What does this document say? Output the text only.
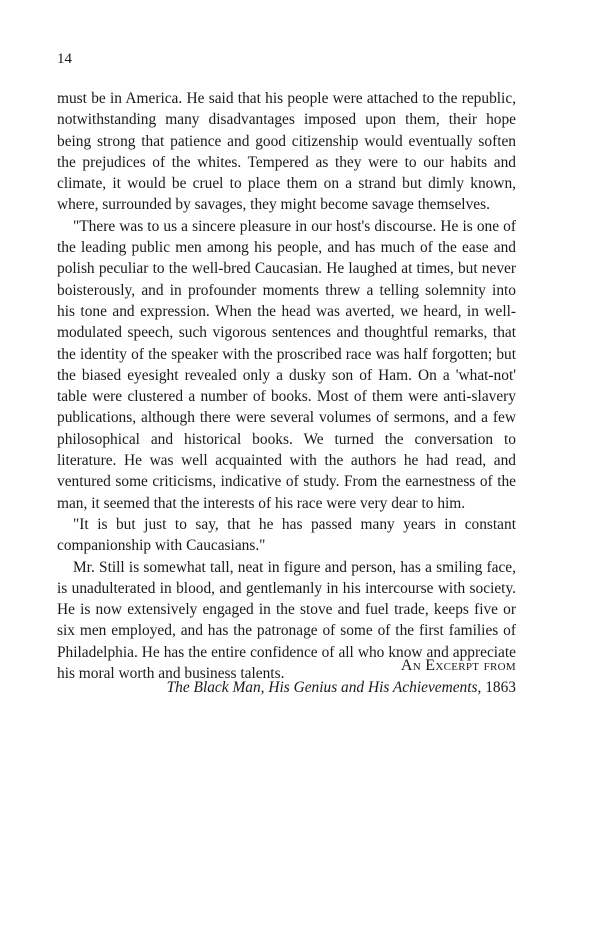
14

must be in America. He said that his people were attached to the republic, notwithstanding many disadvantages imposed upon them, their hope being strong that patience and good citizenship would eventually soften the prejudices of the whites. Tempered as they were to our habits and climate, it would be cruel to place them on a strand but dimly known, where, surrounded by savages, they might become savage themselves.

"There was to us a sincere pleasure in our host's discourse. He is one of the leading public men among his people, and has much of the ease and polish peculiar to the well-bred Caucasian. He laughed at times, but never boisterously, and in profounder moments threw a telling solemnity into his tone and expression. When the head was averted, we heard, in well-modulated speech, such vigorous sentences and thoughtful remarks, that the identity of the speaker with the proscribed race was half forgotten; but the biased eyesight revealed only a dusky son of Ham. On a 'what-not' table were clustered a number of books. Most of them were anti-slavery publications, although there were several volumes of sermons, and a few philosophical and historical books. We turned the conversation to literature. He was well acquainted with the authors he had read, and ventured some criticisms, indicative of study. From the earnestness of the man, it seemed that the interests of his race were very dear to him.

"It is but just to say, that he has passed many years in constant companionship with Caucasians."

Mr. Still is somewhat tall, neat in figure and person, has a smiling face, is unadulterated in blood, and gentlemanly in his intercourse with society. He is now extensively engaged in the stove and fuel trade, keeps five or six men employed, and has the patronage of some of the first families of Philadelphia. He has the entire confidence of all who know and appreciate his moral worth and business talents.	An Excerpt from
The Black Man, His Genius and His Achievements, 1863
